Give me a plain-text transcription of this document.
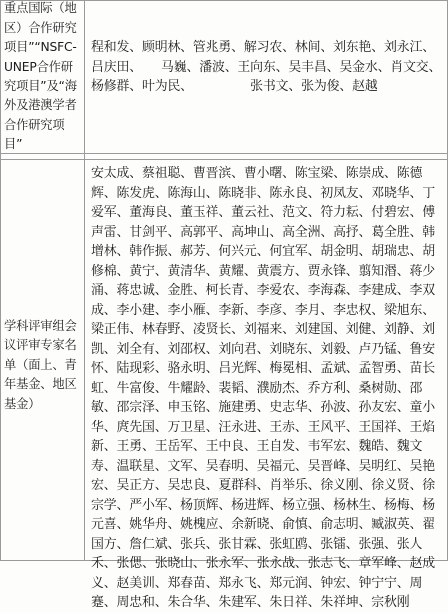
重点国际（地区）合作研究项目”“NSFC-UNEP合作研究项目”及“海外及港澳学者合作研究项目”
程和发、顾明林、管兆勇、解习农、林间、刘东艳、刘永江、吕庆田、　　马巍、潘波、王向东、吴丰昌、吴金水、肖文交、杨修群、叶为民、　　　　　张书文、张为俊、赵越
学科评审组会议评审专家名单（面上、青年基金、地区基金）
安太成、蔡祖聪、曹晋滨、曹小曙、陈宝梁、陈崇成、陈德辉、陈发虎、陈海山、陈晓非、陈永良、初凤友、邓晓华、丁爱军、董海良、董玉祥、董云社、范文、符力耘、付碧宏、傅声雷、甘剑平、高郭平、高坤山、高全洲、高抒、葛全胜、韩增林、韩作振、郝芳、何兴元、何宜军、胡金明、胡瑞忠、胡修棉、黄宁、黄清华、黄耀、黄震方、贾永锋、翦知湣、蒋少涌、蒋忠诚、金胜、柯长青、李爱农、李海森、李建成、李双成、李小建、李小雁、李新、李彦、李月、李忠权、梁旭东、梁正伟、林春野、凌贤长、刘福来、刘建国、刘健、刘静、刘凯、刘全有、刘邵权、刘向君、刘晓东、刘毅、卢乃锰、鲁安怀、陆现彩、骆永明、吕光辉、梅冕相、孟斌、孟智勇、苗长虹、牛富俊、牛耀龄、裴韬、濮励杰、乔方利、桑树勋、邵敏、邵宗泽、申玉铭、施建勇、史志华、孙波、孙友宏、童小华、庹先国、万卫星、汪永进、王赤、王风平、王国祥、王焰新、王勇、王岳军、王中良、王自发、韦军宏、魏皓、魏文寿、温联星、文军、吴春明、吴福元、吴晋峰、吴明红、吴艳宏、吴正方、吴忠良、夏群科、肖举乐、徐义刚、徐义贤、徐宗学、严小军、杨顶辉、杨进辉、杨立强、杨林生、杨梅、杨元喜、姚华舟、姚槐应、余新晓、俞慎、俞志明、臧淑英、翟国方、詹仁斌、张兵、张甘霖、张虹鸥、张镭、张强、张人禾、张偲、张晓山、张永军、张永战、张志飞、章军峰、赵成义、赵美训、郑春苗、郑永飞、郑元润、钟宏、钟宁宁、周蹇、周忠和、朱合华、朱建军、朱日祥、朱祥坤、宗秋刚
